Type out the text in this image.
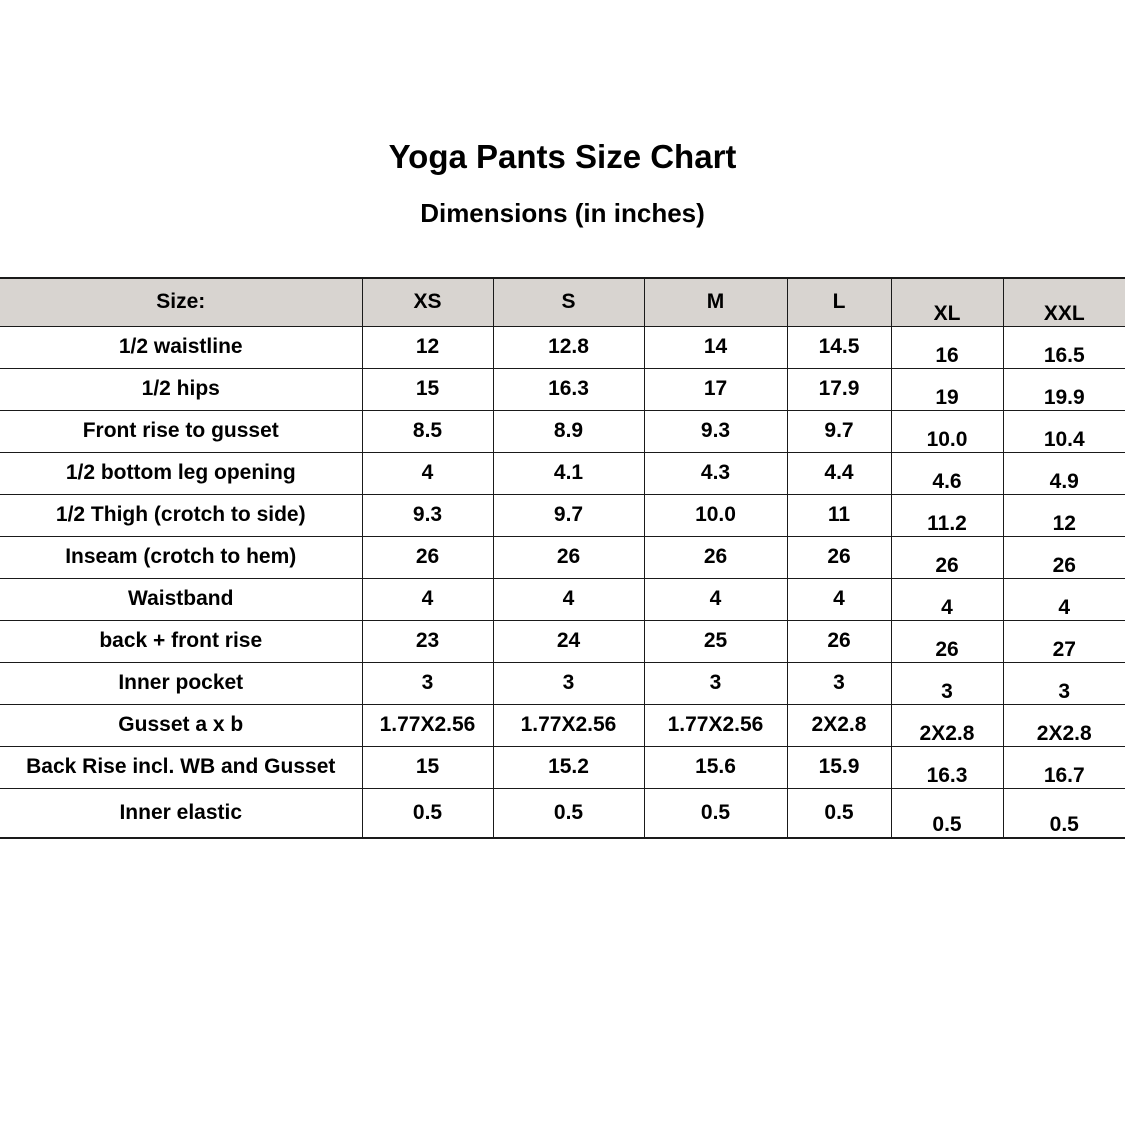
Yoga Pants Size Chart
Dimensions (in inches)
Size:	XS	S	M	L	XL	XXL
1/2 waistline	12	12.8	14	14.5	16	16.5
1/2 hips	15	16.3	17	17.9	19	19.9
Front rise to gusset	8.5	8.9	9.3	9.7	10.0	10.4
1/2 bottom leg opening	4	4.1	4.3	4.4	4.6	4.9
1/2 Thigh (crotch to side)	9.3	9.7	10.0	11	11.2	12
Inseam (crotch to hem)	26	26	26	26	26	26
Waistband	4	4	4	4	4	4
back + front rise	23	24	25	26	26	27
Inner pocket	3	3	3	3	3	3
Gusset a x b	1.77X2.56	1.77X2.56	1.77X2.56	2X2.8	2X2.8	2X2.8
Back Rise incl. WB and Gusset	15	15.2	15.6	15.9	16.3	16.7
Inner elastic	0.5	0.5	0.5	0.5	0.5	0.5
